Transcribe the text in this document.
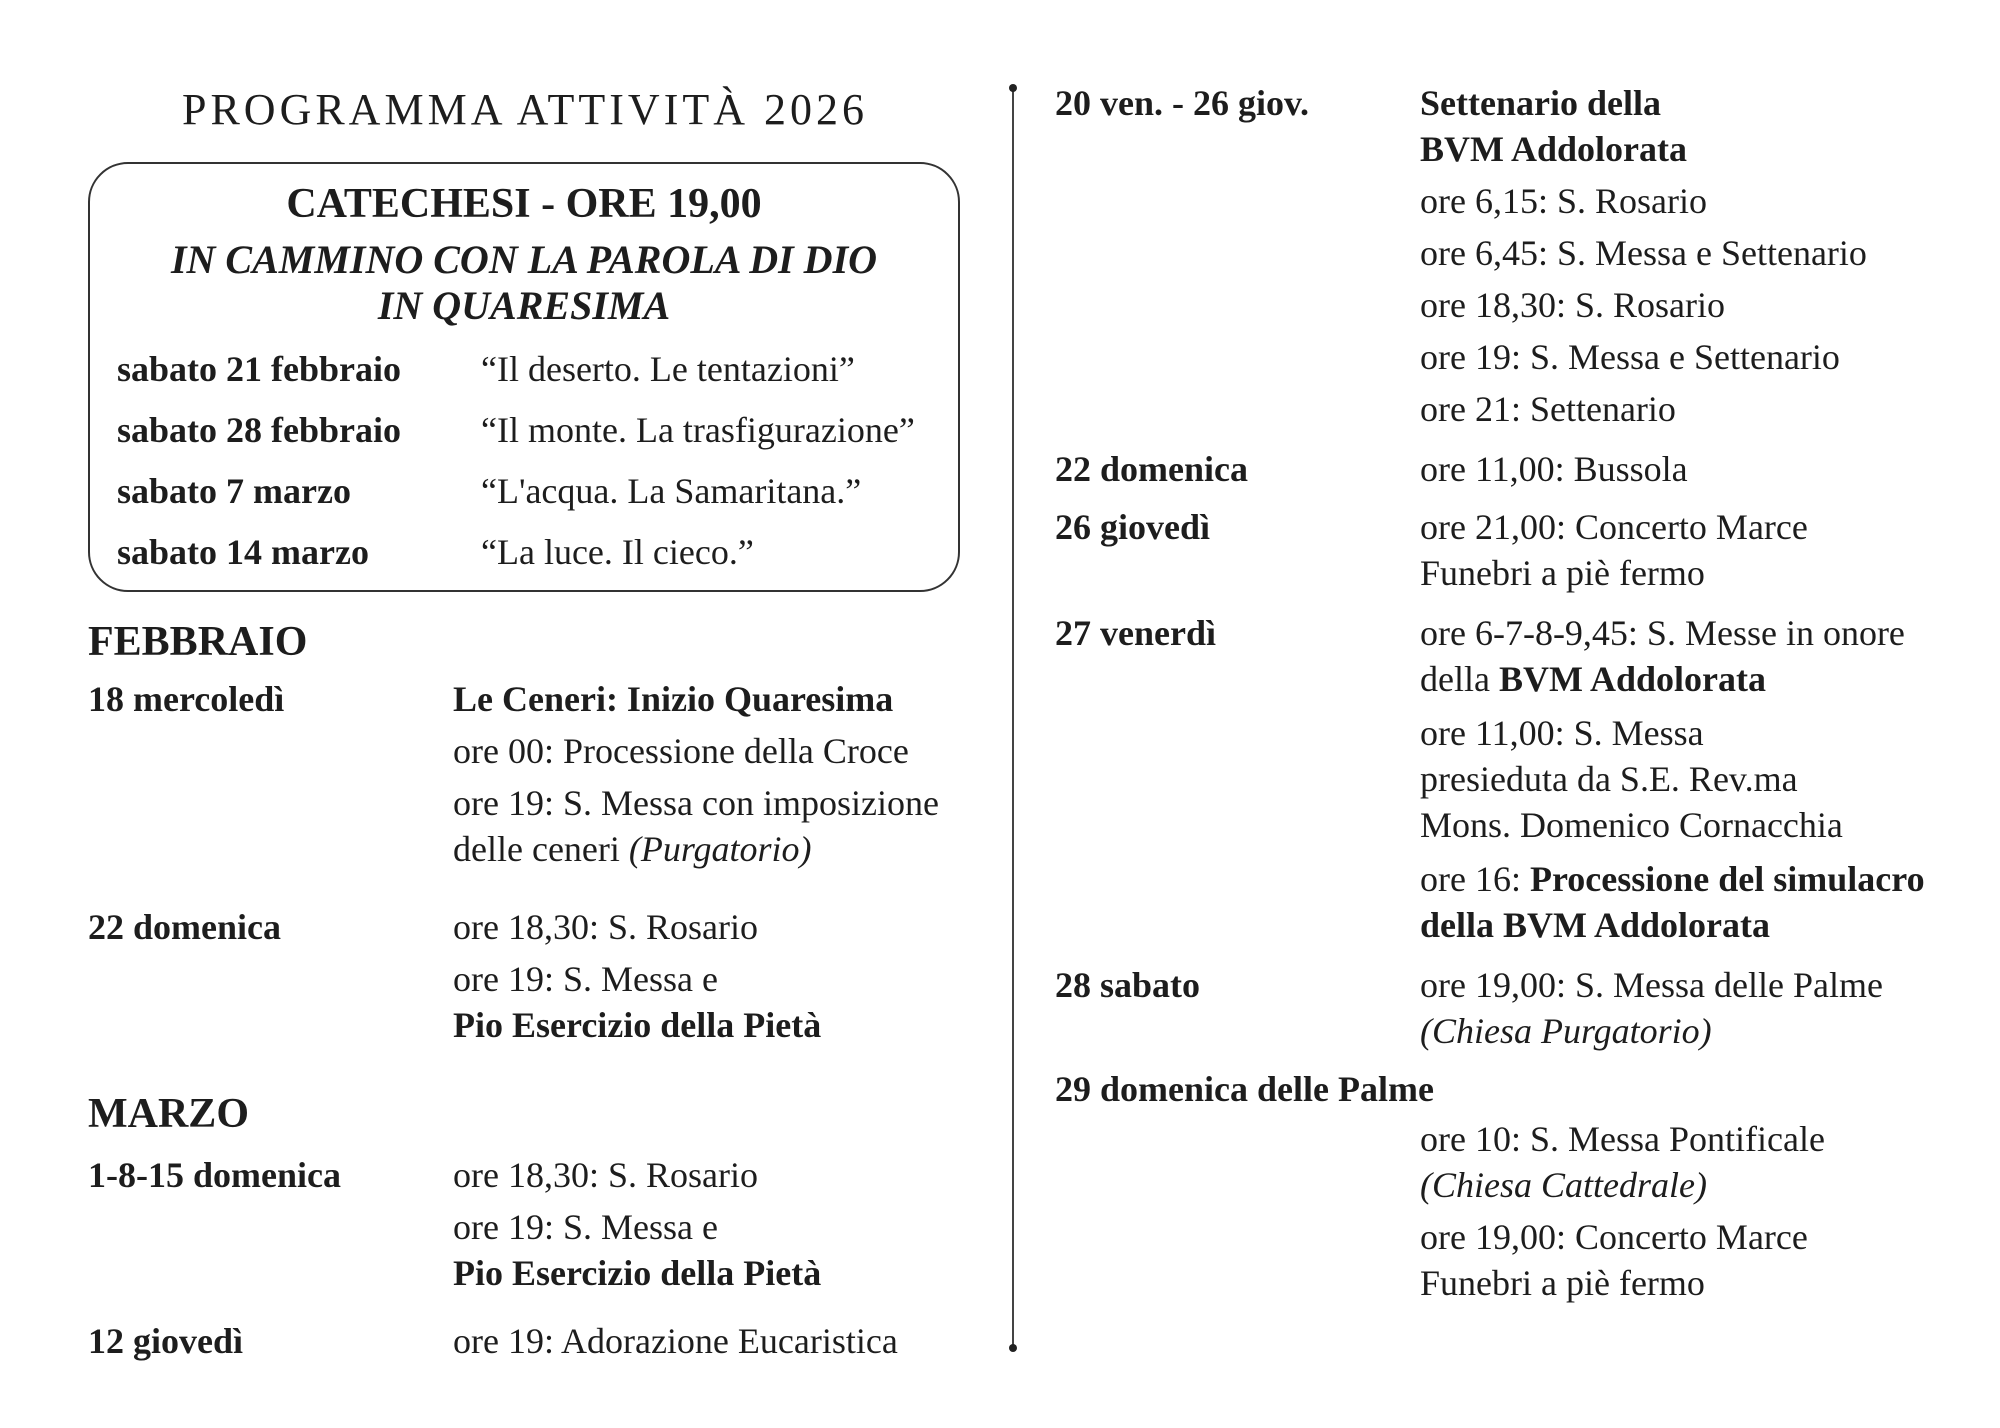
PROGRAMMA ATTIVITÀ 2026
CATECHESI - ORE 19,00
IN CAMMINO CON LA PAROLA DI DIO
IN QUARESIMA
sabato 21 febbraio “Il deserto. Le tentazioni”
sabato 28 febbraio “Il monte. La trasfigurazione”
sabato 7 marzo	“L'acqua. La Samaritana.”
sabato 14 marzo	“La luce. Il cieco.”
FEBBRAIO
18 mercoledì	Le Ceneri: Inizio Quaresima
ore 00: Processione della Croce
ore 19: S. Messa con imposizione
delle ceneri (Purgatorio)
22 domenica	ore 18,30: S. Rosario
ore 19: S. Messa e
Pio Esercizio della Pietà
MARZO
1-8-15 domenica	ore 18,30: S. Rosario
ore 19: S. Messa e
Pio Esercizio della Pietà
12 giovedì	ore 19: Adorazione Eucaristica
20 ven. - 26 giov.	Settenario della
BVM Addolorata
ore 6,15: S. Rosario
ore 6,45: S. Messa e Settenario
ore 18,30: S. Rosario
ore 19: S. Messa e Settenario
ore 21: Settenario
22 domenica	ore 11,00: Bussola
26 giovedì	ore 21,00: Concerto Marce
Funebri a piè fermo
27 venerdì	ore 6-7-8-9,45: S. Messe in onore
della BVM Addolorata
ore 11,00: S. Messa
presieduta da S.E. Rev.ma
Mons. Domenico Cornacchia
ore 16: Processione del simulacro
della BVM Addolorata
28 sabato	ore 19,00: S. Messa delle Palme
(Chiesa Purgatorio)
29 domenica delle Palme
ore 10: S. Messa Pontificale
(Chiesa Cattedrale)
ore 19,00: Concerto Marce
Funebri a piè fermo
